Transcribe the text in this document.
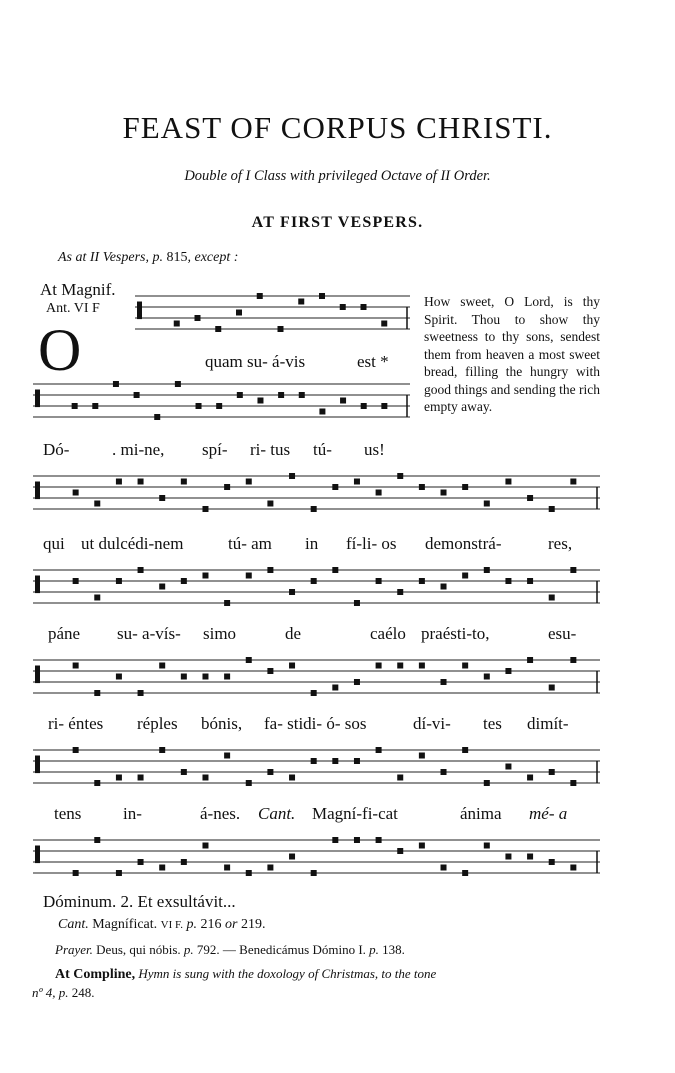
FEAST OF CORPUS CHRISTI.
Double of I Class with privileged Octave of II Order.
AT FIRST VESPERS.
As at II Vespers, p. 815, except :
At Magnif.
Ant. VI F
O
How sweet, O Lord, is thy Spirit. Thou to show thy sweetness to thy sons, sendest them from heaven a most sweet bread, filling the hungry with good things and sending the rich empty away.
quam su- á-vis	est *
Dó-	. mi-ne, spí- ri- tus tú- us!
qui ut dulcédi-nem	tú- am in fí-li- os demonstrá-	res,
páne su- a-vís- simo	de	caélo praésti-to,	esu-
ri- éntes réples bónis, fa- stidi- ó- sos	dí-vi- tes dimít-
tens in-	á-nes. Cant. Magní-fi-cat	ánima mé- a
Dóminum. 2. Et exsultávit...
Cant. Magníficat. VI F. p. 216 or 219.
Prayer. Deus, qui nóbis. p. 792. — Benedicámus Dómino I. p. 138.
At Compline, Hymn is sung with the doxology of Christmas, to the tone
nº 4, p. 248.
